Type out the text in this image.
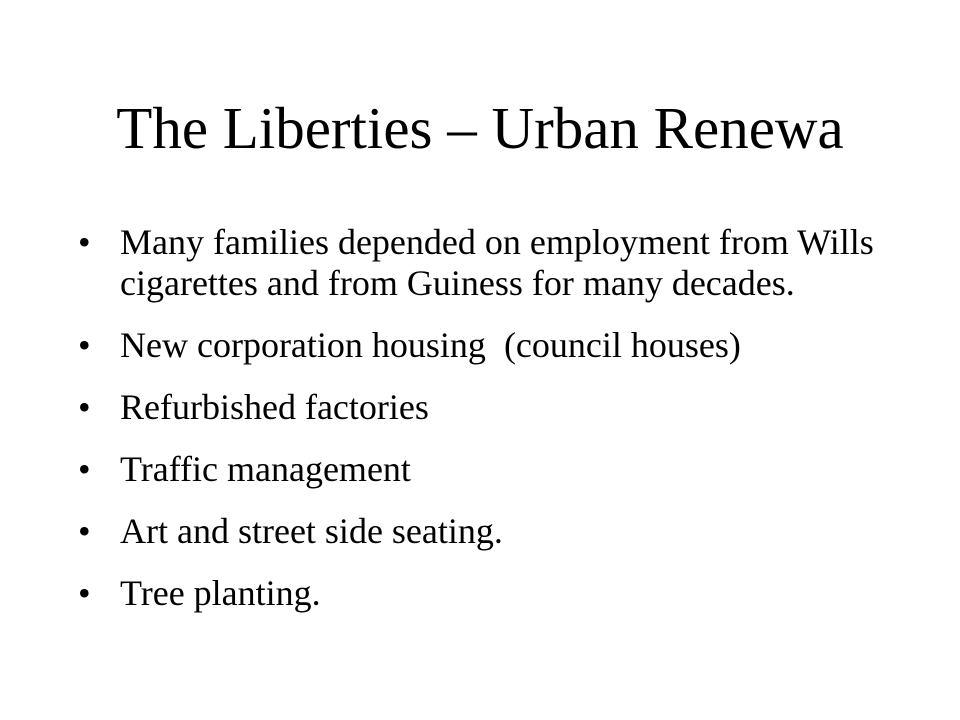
The Liberties – Urban Renewa
• Many families depended on employment from Wills cigarettes and from Guiness for many decades.
• New corporation housing (council houses)
• Refurbished factories
• Traffic management
• Art and street side seating.
• Tree planting.
